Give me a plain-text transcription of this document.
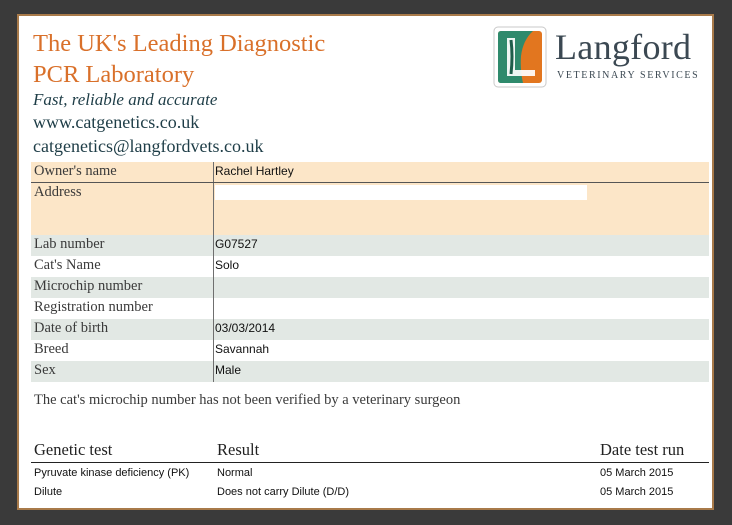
The UK's Leading Diagnostic
PCR Laboratory
Fast, reliable and accurate
www.catgenetics.co.uk
catgenetics@langfordvets.co.uk
Langford
VETERINARY SERVICES
Owner's name	Rachel Hartley
Address
Lab number	G07527
Cat's Name	Solo
Microchip number
Registration number
Date of birth	03/03/2014
Breed	Savannah
Sex	Male
The cat's microchip number has not been verified by a veterinary surgeon
Genetic test	Result	Date test run
Pyruvate kinase deficiency (PK)	Normal	05 March 2015
Dilute	Does not carry Dilute (D/D)	05 March 2015
